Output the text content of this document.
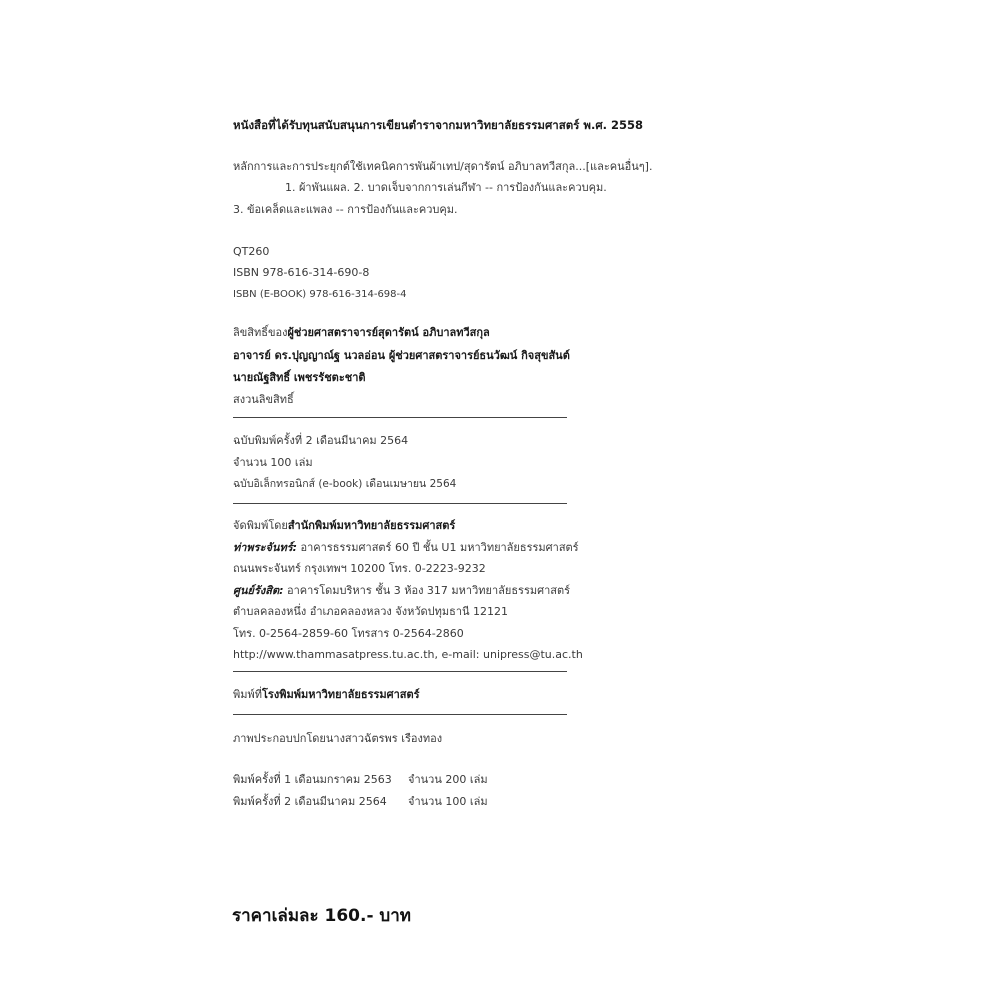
หนังสือที่ได้รับทุนสนับสนุนการเขียนตำราจากมหาวิทยาลัยธรรมศาสตร์ พ.ศ. 2558
หลักการและการประยุกต์ใช้เทคนิคการพันผ้าเทป/สุดารัตน์ อภิบาลทวีสกุล...[และคนอื่นๆ].
1. ผ้าพันแผล. 2. บาดเจ็บจากการเล่นกีฬา -- การป้องกันและควบคุม.
3. ข้อเคล็ดและแพลง -- การป้องกันและควบคุม.
QT260
ISBN 978-616-314-690-8
ISBN (E-BOOK) 978-616-314-698-4
ลิขสิทธิ์ของผู้ช่วยศาสตราจารย์สุดารัตน์ อภิบาลทวีสกุล
อาจารย์ ดร.ปุญญาณ์ฐ นวลอ่อน ผู้ช่วยศาสตราจารย์ธนวัฒน์ กิจสุขสันต์
นายณัฐสิทธิ์ เพชรรัชตะชาติ
สงวนลิขสิทธิ์
ฉบับพิมพ์ครั้งที่ 2 เดือนมีนาคม 2564
จำนวน 100 เล่ม
ฉบับอิเล็กทรอนิกส์ (e-book) เดือนเมษายน 2564
จัดพิมพ์โดยสำนักพิมพ์มหาวิทยาลัยธรรมศาสตร์
ท่าพระจันทร์: อาคารธรรมศาสตร์ 60 ปี ชั้น U1 มหาวิทยาลัยธรรมศาสตร์
ถนนพระจันทร์ กรุงเทพฯ 10200 โทร. 0-2223-9232
ศูนย์รังสิต: อาคารโดมบริหาร ชั้น 3 ห้อง 317 มหาวิทยาลัยธรรมศาสตร์
ตำบลคลองหนึ่ง อำเภอคลองหลวง จังหวัดปทุมธานี 12121
โทร. 0-2564-2859-60 โทรสาร 0-2564-2860
http://www.thammasatpress.tu.ac.th, e-mail: unipress@tu.ac.th
พิมพ์ที่โรงพิมพ์มหาวิทยาลัยธรรมศาสตร์
ภาพประกอบปกโดยนางสาวฉัตรพร เรืองทอง
พิมพ์ครั้งที่ 1 เดือนมกราคม 2563 จำนวน 200 เล่ม
พิมพ์ครั้งที่ 2 เดือนมีนาคม 2564 จำนวน 100 เล่ม
ราคาเล่มละ 160.- บาท
